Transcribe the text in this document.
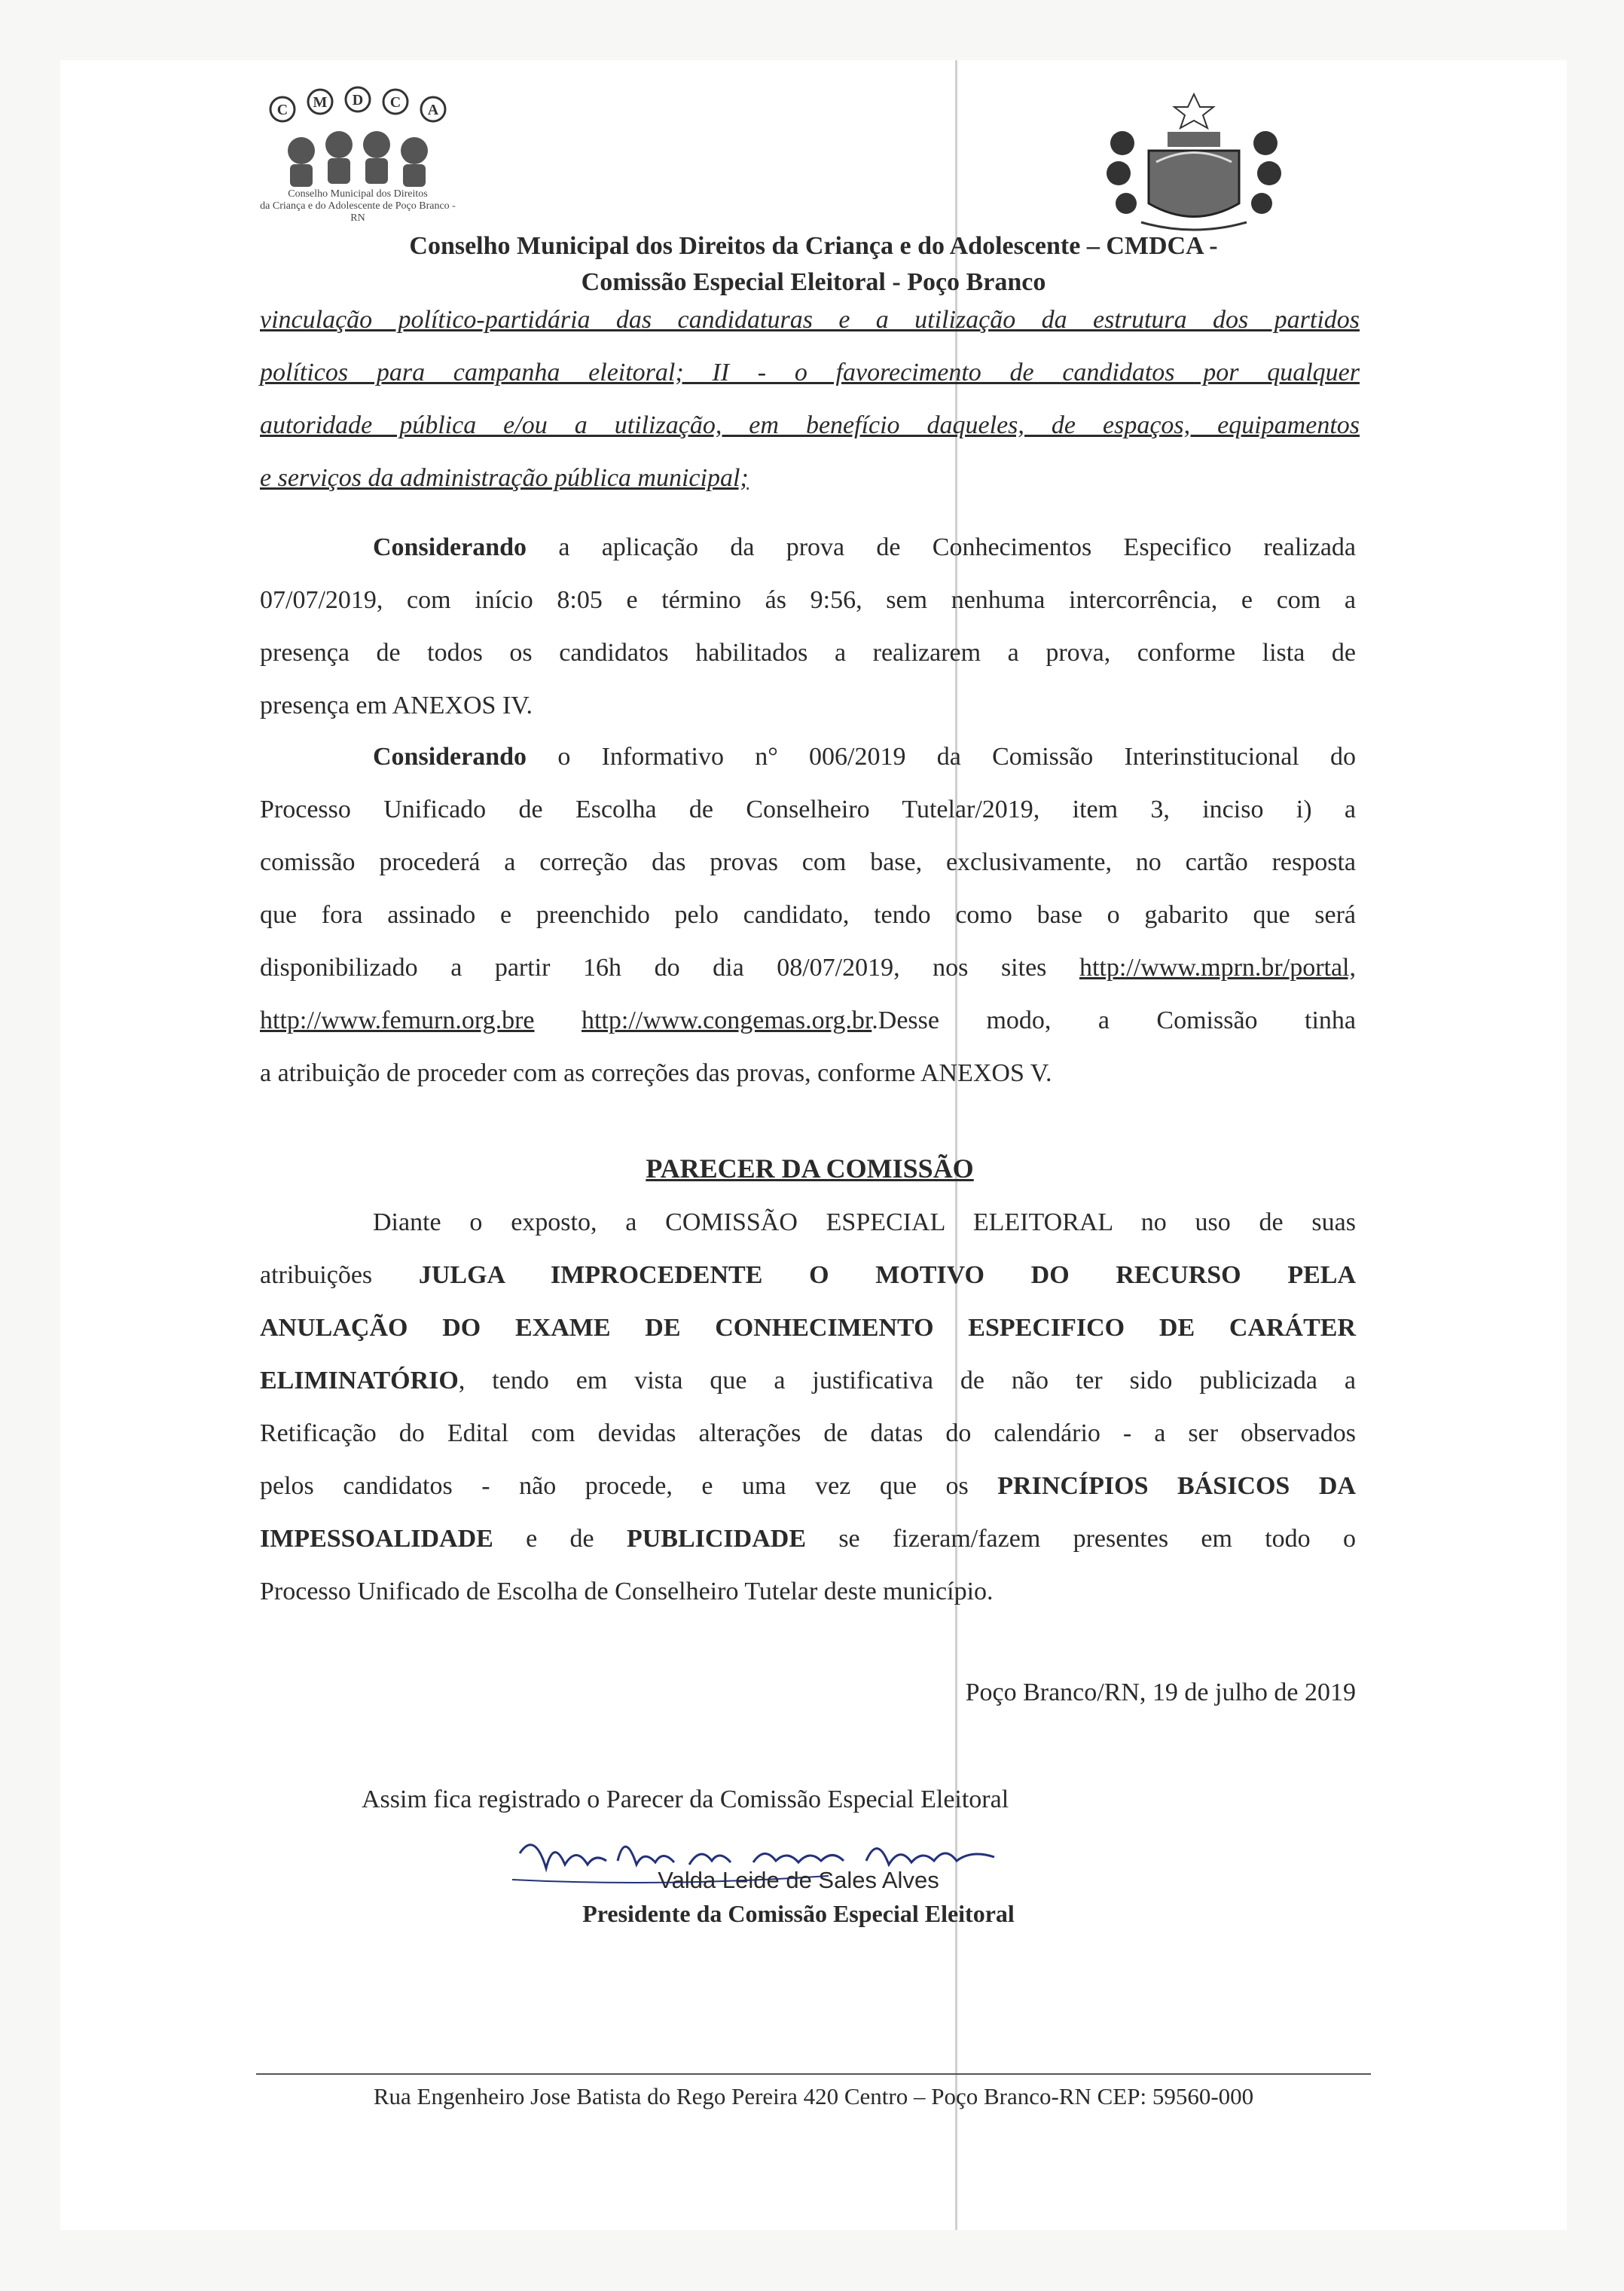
C M D C A
Conselho Municipal dos Direitos
da Criança e do Adolescente de Poço Branco - RN
Conselho Municipal dos Direitos da Criança e do Adolescente – CMDCA -
Comissão Especial Eleitoral - Poço Branco
vinculação político-partidária das candidaturas e a utilização da estrutura dos partidos
políticos para campanha eleitoral; II - o favorecimento de candidatos por qualquer
autoridade pública e/ou a utilização, em benefício daqueles, de espaços, equipamentos
e serviços da administração pública municipal;
Considerando a aplicação da prova de Conhecimentos Especifico realizada
07/07/2019, com início 8:05 e término ás 9:56, sem nenhuma intercorrência, e com a
presença de todos os candidatos habilitados a realizarem a prova, conforme lista de
presença em ANEXOS IV.
Considerando o Informativo n° 006/2019 da Comissão Interinstitucional do
Processo Unificado de Escolha de Conselheiro Tutelar/2019, item 3, inciso i) a
comissão procederá a correção das provas com base, exclusivamente, no cartão resposta
que fora assinado e preenchido pelo candidato, tendo como base o gabarito que será
disponibilizado a partir 16h do dia 08/07/2019, nos sites http://www.mprn.br/portal,
http://www.femurn.org.bre http://www.congemas.org.br.Desse modo, a Comissão tinha
a atribuição de proceder com as correções das provas, conforme ANEXOS V.
PARECER DA COMISSÃO
Diante o exposto, a COMISSÃO ESPECIAL ELEITORAL no uso de suas
atribuições JULGA IMPROCEDENTE O MOTIVO DO RECURSO PELA
ANULAÇÃO DO EXAME DE CONHECIMENTO ESPECIFICO DE CARÁTER
ELIMINATÓRIO, tendo em vista que a justificativa de não ter sido publicizada a
Retificação do Edital com devidas alterações de datas do calendário - a ser observados
pelos candidatos - não procede, e uma vez que os PRINCÍPIOS BÁSICOS DA
IMPESSOALIDADE e de PUBLICIDADE se fizeram/fazem presentes em todo o
Processo Unificado de Escolha de Conselheiro Tutelar deste município.
Poço Branco/RN, 19 de julho de 2019
Assim fica registrado o Parecer da Comissão Especial Eleitoral
Valda Leide de Sales Alves
Presidente da Comissão Especial Eleitoral
Rua Engenheiro Jose Batista do Rego Pereira 420 Centro – Poço Branco-RN CEP: 59560-000
